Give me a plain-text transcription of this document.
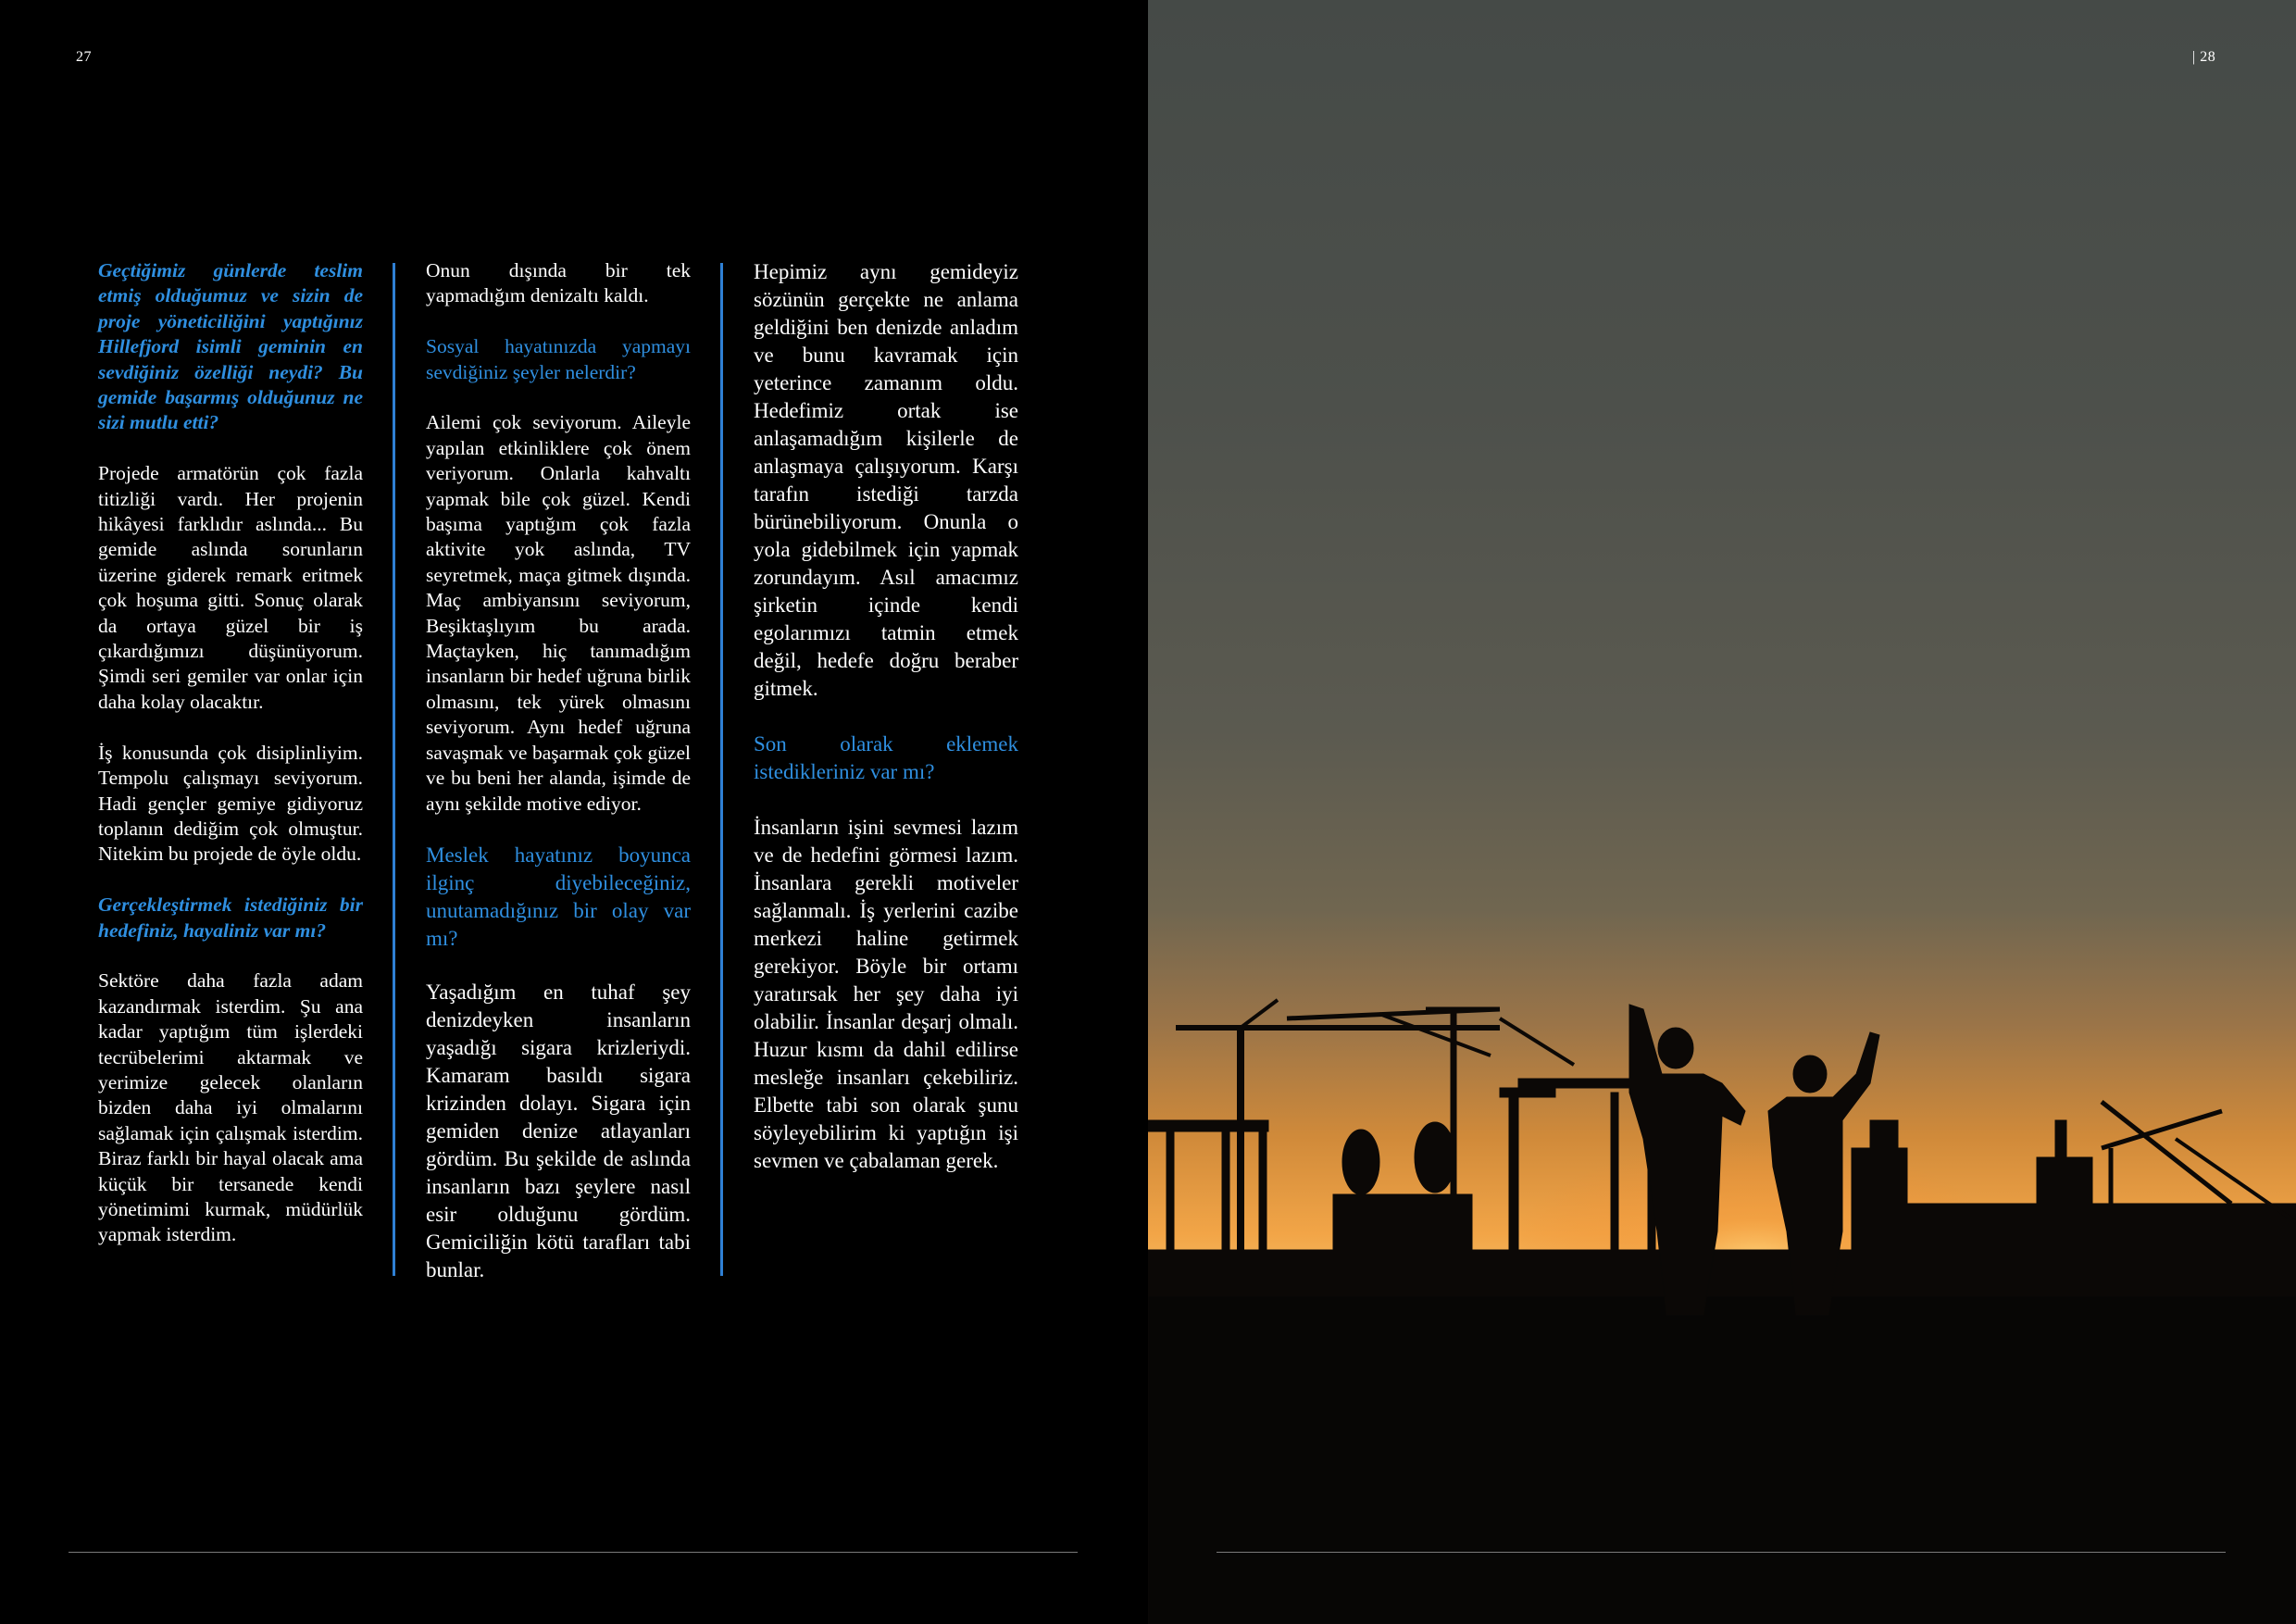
27

Geçtiğimiz günlerde teslim etmiş olduğumuz ve sizin de proje yöneticiliğini yaptığınız Hillefjord isimli geminin en sevdiğiniz özelliği neydi? Bu gemide başarmış olduğunuz ne sizi mutlu etti?

Projede armatörün çok fazla titizliği vardı. Her projenin hikâyesi farklıdır aslında... Bu gemide aslında sorunların üzerine giderek remark eritmek çok hoşuma gitti. Sonuç olarak da ortaya güzel bir iş çıkardığımızı düşünüyorum. Şimdi seri gemiler var onlar için daha kolay olacaktır.

İş konusunda çok disiplinliyim. Tempolu çalışmayı seviyorum. Hadi gençler gemiye gidiyoruz toplanın dediğim çok olmuştur. Nitekim bu projede de öyle oldu.

Gerçekleştirmek istediğiniz bir hedefiniz, hayaliniz var mı?

Sektöre daha fazla adam kazandırmak isterdim. Şu ana kadar yaptığım tüm işlerdeki tecrübelerimi aktarmak ve yerimize gelecek olanların bizden daha iyi olmalarını sağlamak için çalışmak isterdim. Biraz farklı bir hayal olacak ama küçük bir tersanede kendi yönetimimi kurmak, müdürlük yapmak isterdim.

Onun dışında bir tek yapmadığım denizaltı kaldı.

Sosyal hayatınızda yapmayı sevdiğiniz şeyler nelerdir?

Ailemi çok seviyorum. Aileyle yapılan etkinliklere çok önem veriyorum. Onlarla kahvaltı yapmak bile çok güzel. Kendi başıma yaptığım çok fazla aktivite yok aslında, TV seyretmek, maça gitmek dışında. Maç ambiyansını seviyorum, Beşiktaşlıyım bu arada. Maçtayken, hiç tanımadığım insanların bir hedef uğruna birlik olmasını, tek yürek olmasını seviyorum. Aynı hedef uğruna savaşmak ve başarmak çok güzel ve bu beni her alanda, işimde de aynı şekilde motive ediyor.

Meslek hayatınız boyunca ilginç diyebileceğiniz, unutamadığınız bir olay var mı?

Yaşadığım en tuhaf şey denizdeyken insanların yaşadığı sigara krizleriydi. Kamaram basıldı sigara krizinden dolayı. Sigara için gemiden denize atlayanları gördüm. Bu şekilde de aslında insanların bazı şeylere nasıl esir olduğunu gördüm. Gemiciliğin kötü tarafları tabi bunlar.

Hepimiz aynı gemideyiz sözünün gerçekte ne anlama geldiğini ben denizde anladım ve bunu kavramak için yeterince zamanım oldu. Hedefimiz ortak ise anlaşamadığım kişilerle de anlaşmaya çalışıyorum. Karşı tarafın istediği tarzda bürünebiliyorum. Onunla o yola gidebilmek için yapmak zorundayım. Asıl amacımız şirketin içinde kendi egolarımızı tatmin etmek değil, hedefe doğru beraber gitmek.

Son olarak eklemek istedikleriniz var mı?

İnsanların işini sevmesi lazım ve de hedefini görmesi lazım. İnsanlara gerekli motiveler sağlanmalı. İş yerlerini cazibe merkezi haline getirmek gerekiyor. Böyle bir ortamı yaratırsak her şey daha iyi olabilir. İnsanlar deşarj olmalı. Huzur kısmı da dahil edilirse mesleğe insanları çekebiliriz. Elbette tabi son olarak şunu söyleyebilirim ki yaptığın işi sevmen ve çabalaman gerek.

| 28
